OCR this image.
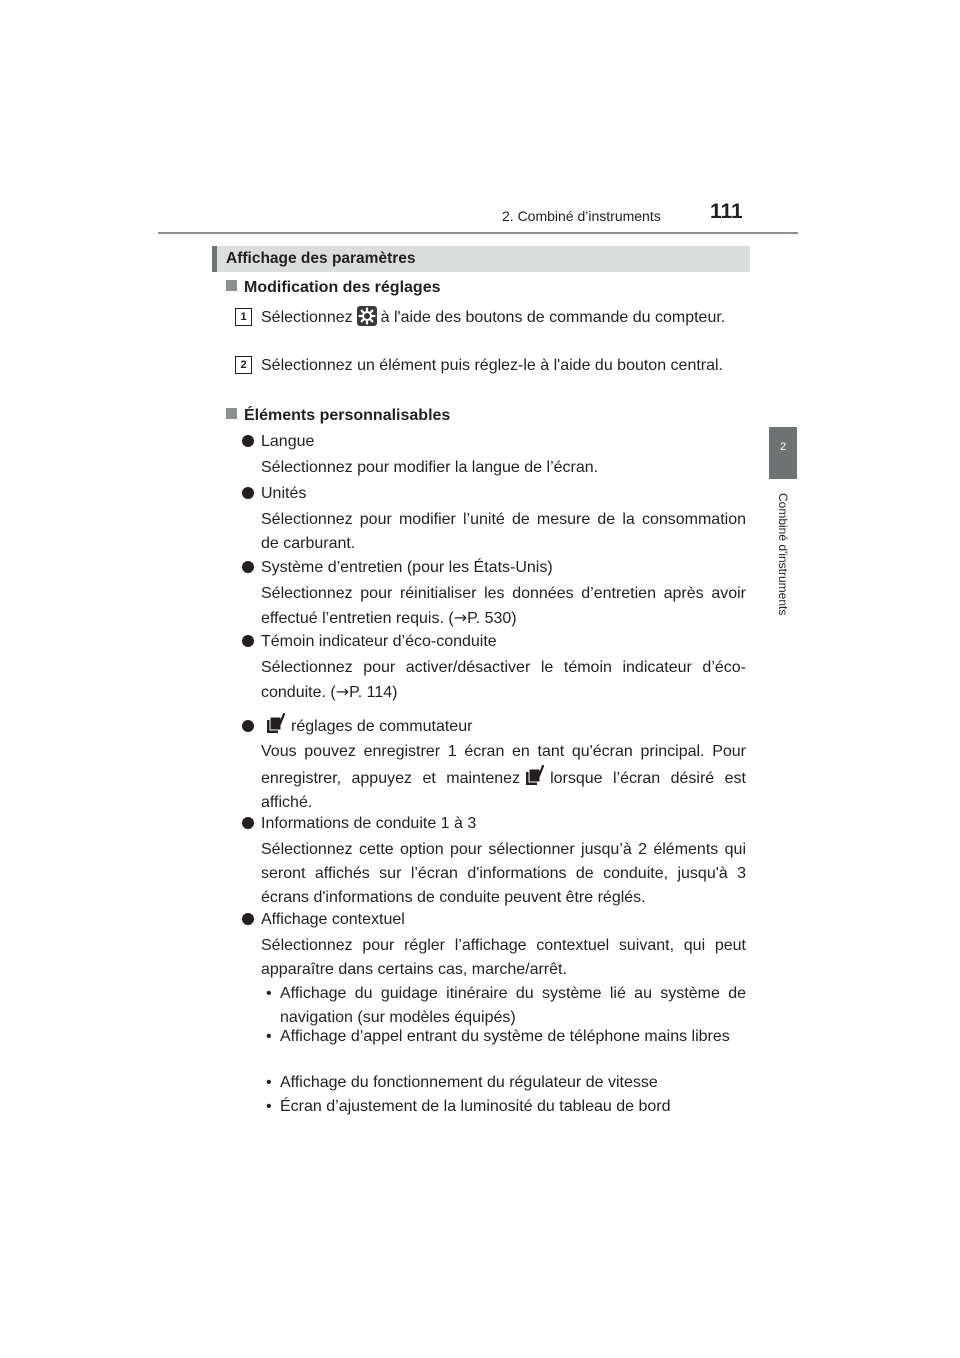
2. Combiné d’instruments 111
2
Combiné d'instruments
Affichage des paramètres
Modification des réglages
1 Sélectionnez à l'aide des boutons de commande du compteur.
2 Sélectionnez un élément puis réglez-le à l'aide du bouton central.
Éléments personnalisables
Langue
Sélectionnez pour modifier la langue de l’écran.
Unités
Sélectionnez pour modifier l’unité de mesure de la consommation de carburant.
Système d’entretien (pour les États-Unis)
Sélectionnez pour réinitialiser les données d’entretien après avoir effectué l’entretien requis. (→P. 530)
Témoin indicateur d’éco-conduite
Sélectionnez pour activer/désactiver le témoin indicateur d’éco-conduite. (→P. 114)
réglages de commutateur
Vous pouvez enregistrer 1 écran en tant qu'écran principal. Pour enregistrer, appuyez et maintenez lorsque l’écran désiré est affiché.
Informations de conduite 1 à 3
Sélectionnez cette option pour sélectionner jusqu’à 2 éléments qui seront affichés sur l’écran d'informations de conduite, jusqu'à 3 écrans d'informations de conduite peuvent être réglés.
Affichage contextuel
Sélectionnez pour régler l’affichage contextuel suivant, qui peut apparaître dans certains cas, marche/arrêt.
• Affichage du guidage itinéraire du système lié au système de navigation (sur modèles équipés)
• Affichage d’appel entrant du système de téléphone mains libres
• Affichage du fonctionnement du régulateur de vitesse
• Écran d’ajustement de la luminosité du tableau de bord
